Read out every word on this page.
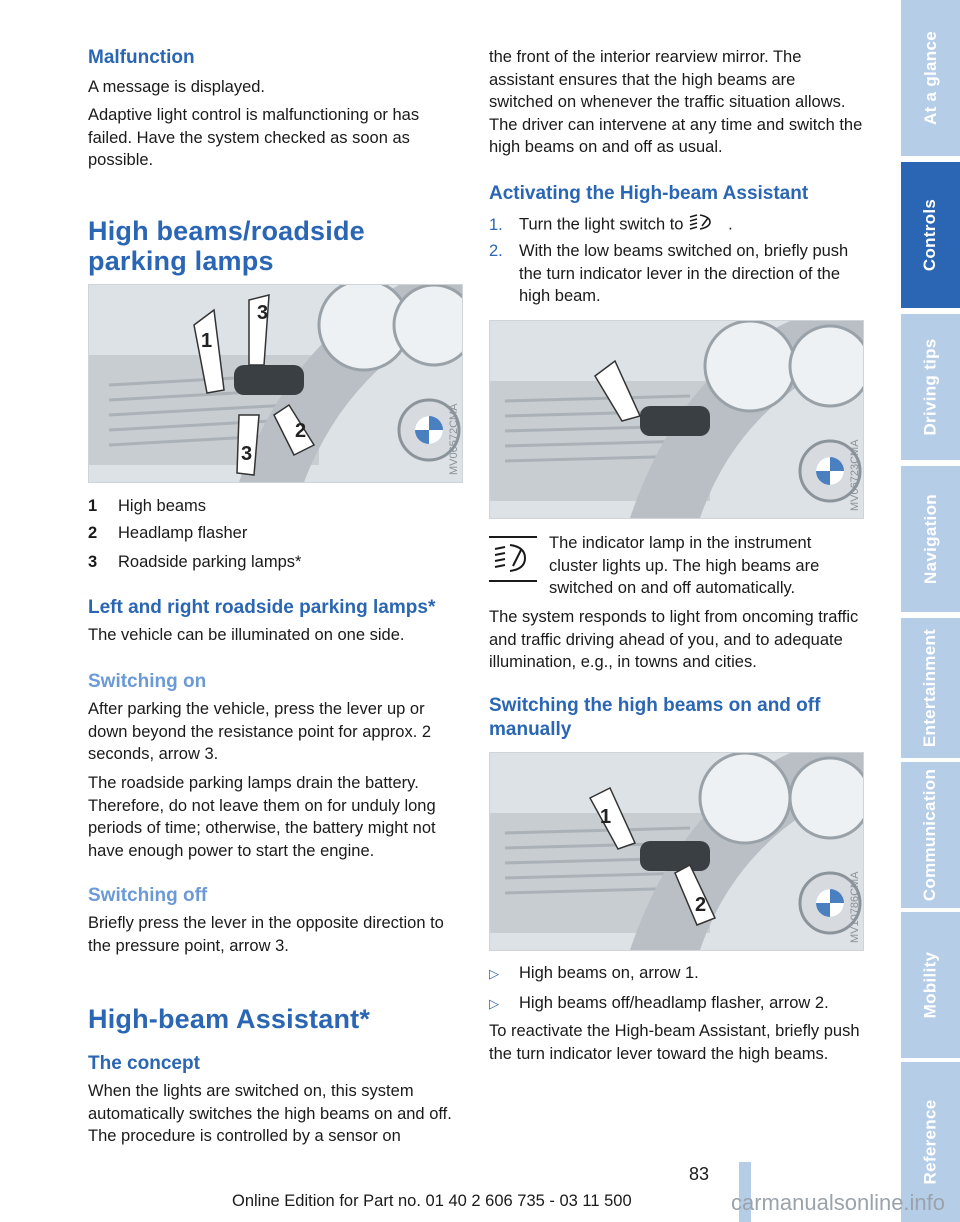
Malfunction

A message is displayed.

Adaptive light control is malfunctioning or has failed. Have the system checked as soon as possible.

High beams/roadside parking lamps
1
3
2
3	MV06572CMA
1 High beams
2 Headlamp flasher
3 Roadside parking lamps*
Left and right roadside parking lamps*

The vehicle can be illuminated on one side.

Switching on

After parking the vehicle, press the lever up or down beyond the resistance point for approx. 2 seconds, arrow 3.

The roadside parking lamps drain the battery. Therefore, do not leave them on for unduly long periods of time; otherwise, the battery might not have enough power to start the engine.

Switching off

Briefly press the lever in the opposite direction to the pressure point, arrow 3.

High-beam Assistant*
The concept

When the lights are switched on, this system automatically switches the high beams on and off. The procedure is controlled by a sensor on

the front of the interior rearview mirror. The assistant ensures that the high beams are switched on whenever the traffic situation allows. The driver can intervene at any time and switch the high beams on and off as usual.

Activating the High-beam Assistant
1. Turn the light switch to	.
2. With the low beams switched on, briefly push the turn indicator lever in the direction of the high beam.
MV06723CMA

The indicator lamp in the instrument cluster lights up. The high beams are switched on and off automatically.

The system responds to light from oncoming traffic and traffic driving ahead of you, and to adequate illumination, e.g., in towns and cities.

Switching the high beams on and off manually
1
2	MV10786CMA
▷ High beams on, arrow 1.
▷ High beams off/headlamp flasher, arrow 2.

To reactivate the High-beam Assistant, briefly push the turn indicator lever toward the high beams.

At a glance
Controls
Driving tips
Navigation
Entertainment
Communication
Mobility
Reference
83
Online Edition for Part no. 01 40 2 606 735 - 03 11 500	carmanualsonline.info
